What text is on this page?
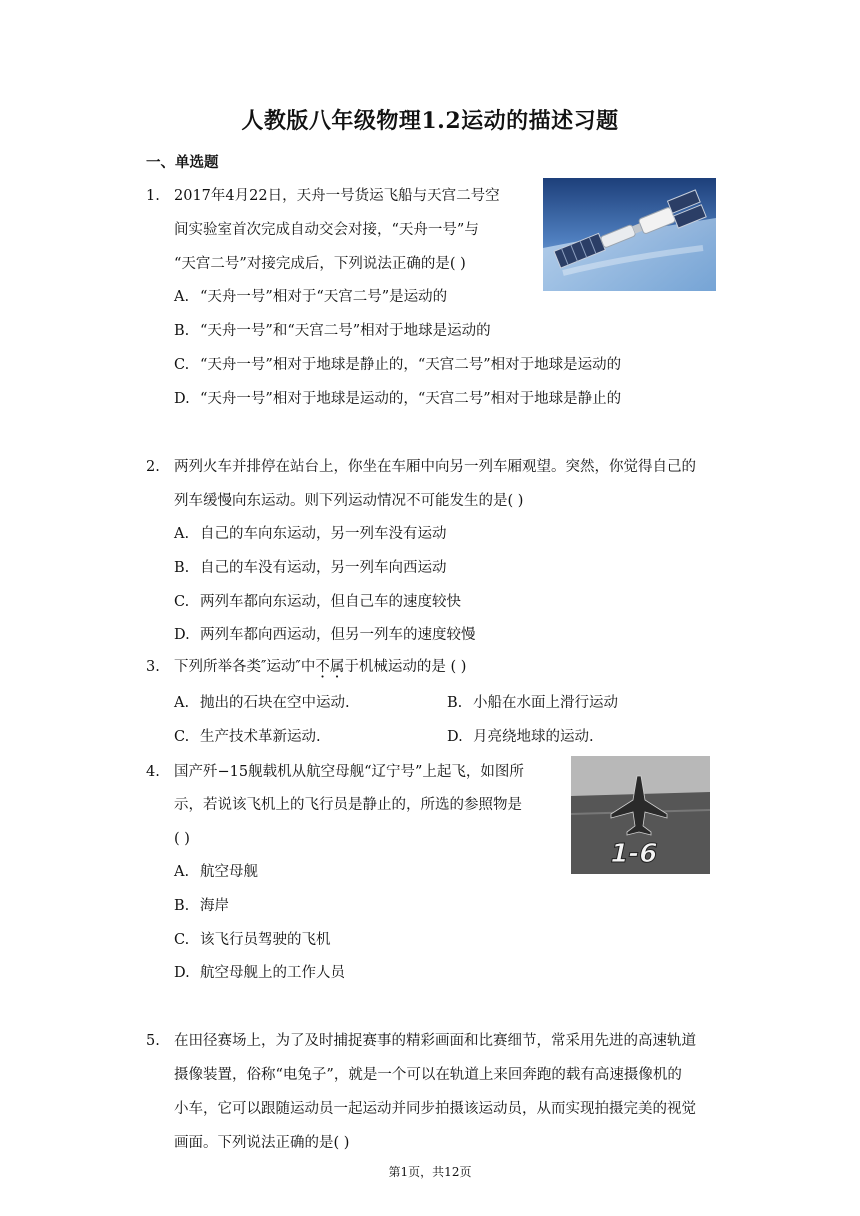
人教版八年级物理1.2运动的描述习题
一、单选题
1. 2017年4月22日，天舟一号货运飞船与天宫二号空
间实验室首次完成自动交会对接，“天舟一号”与
“天宫二号”对接完成后，下列说法正确的是( )
A. “天舟一号”相对于“天宫二号”是运动的
B. “天舟一号”和“天宫二号”相对于地球是运动的
C. “天舟一号”相对于地球是静止的，“天宫二号”相对于地球是运动的
D. “天舟一号”相对于地球是运动的，“天宫二号”相对于地球是静止的
2. 两列火车并排停在站台上，你坐在车厢中向另一列车厢观望。突然，你觉得自己的
列车缓慢向东运动。则下列运动情况不可能发生的是( )
A. 自己的车向东运动，另一列车没有运动
B. 自己的车没有运动，另一列车向西运动
C. 两列车都向东运动，但自己车的速度较快
D. 两列车都向西运动，但另一列车的速度较慢
3. 下列所举各类″运动″中不属于机械运动的是 ( )
A. 抛出的石块在空中运动.	B. 小船在水面上滑行运动
C. 生产技术革新运动.	D. 月亮绕地球的运动.
4. 国产歼−15舰载机从航空母舰“辽宁号”上起飞，如图所
示，若说该飞机上的飞行员是静止的，所选的参照物是
( )
A. 航空母舰
B. 海岸
C. 该飞行员驾驶的飞机
D. 航空母舰上的工作人员
1-6
5. 在田径赛场上，为了及时捕捉赛事的精彩画面和比赛细节，常采用先进的高速轨道
摄像装置，俗称“电兔子”，就是一个可以在轨道上来回奔跑的载有高速摄像机的
小车，它可以跟随运动员一起运动并同步拍摄该运动员，从而实现拍摄完美的视觉
画面。下列说法正确的是( )
第1页，共12页
